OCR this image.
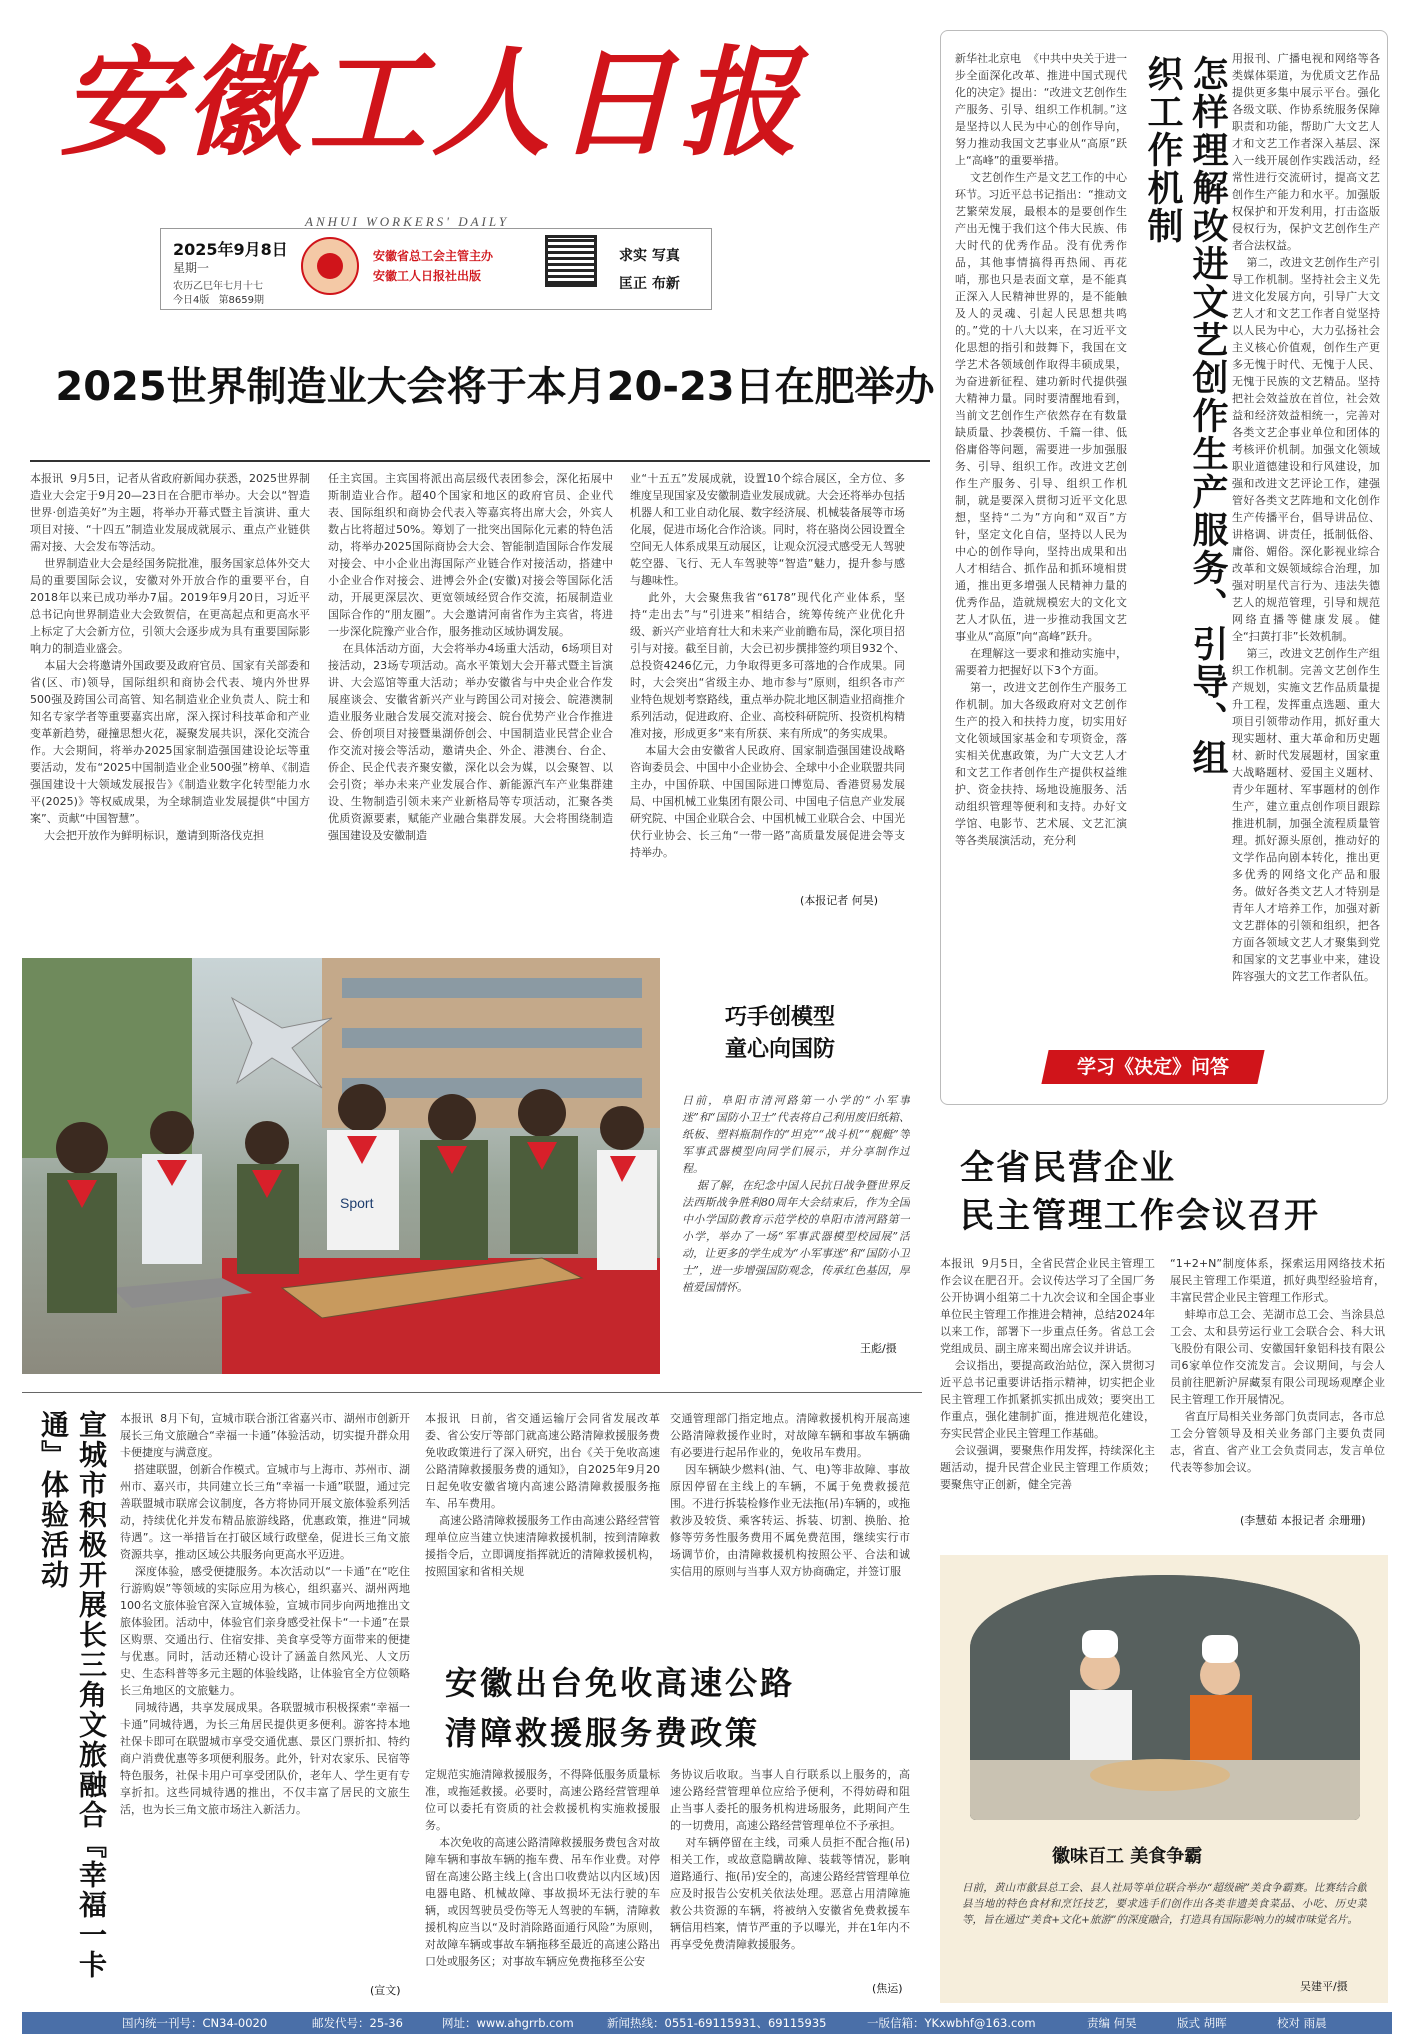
安徽工人日报
ANHUI WORKERS' DAILY
2025年9月8日
星期一
农历乙巳年七月十七
今日4版 第8659期
安徽省总工会主管主办
安徽工人日报社出版
求实 写真
匡正 布新
2025世界制造业大会将于本月20-23日在肥举办
本报讯  9月5日，记者从省政府新闻办获悉，2025世界制造业大会定于9月20—23日在合肥市举办。大会以“智造世界·创造美好”为主题，将举办开幕式暨主旨演讲、重大项目对接、“十四五”制造业发展成就展示、重点产业链供需对接、大会发布等活动。
世界制造业大会是经国务院批准，服务国家总体外交大局的重要国际会议，安徽对外开放合作的重要平台，自2018年以来已成功举办7届。2019年9月20日，习近平总书记向世界制造业大会致贺信，在更高起点和更高水平上标定了大会新方位，引领大会逐步成为具有重要国际影响力的制造业盛会。
本届大会将邀请外国政要及政府官员、国家有关部委和省(区、市)领导，国际组织和商协会代表、境内外世界500强及跨国公司高管、知名制造业企业负责人、院士和知名专家学者等重要嘉宾出席，深入探讨科技革命和产业变革新趋势，碰撞思想火花，凝聚发展共识，深化交流合作。大会期间，将举办2025国家制造强国建设论坛等重要活动，发布“2025中国制造业企业500强”榜单、《制造强国建设十大领域发展报告》《制造业数字化转型能力水平(2025)》等权威成果，为全球制造业发展提供“中国方案”、贡献“中国智慧”。
大会把开放作为鲜明标识，邀请到斯洛伐克担
任主宾国。主宾国将派出高层级代表团参会，深化拓展中斯制造业合作。超40个国家和地区的政府官员、企业代表、国际组织和商协会代表入等嘉宾将出席大会，外宾人数占比将超过50%。筹划了一批突出国际化元素的特色活动，将举办2025国际商协会大会、智能制造国际合作发展对接会、中小企业出海国际产业链合作对接活动，搭建中小企业合作对接会、进博会外企(安徽)对接会等国际化活动，开展更深层次、更宽领域经贸合作交流，拓展制造业国际合作的“朋友圈”。大会邀请河南省作为主宾省，将进一步深化院豫产业合作，服务推动区域协调发展。
在具体活动方面，大会将举办4场重大活动，6场项目对接活动，23场专项活动。高水平策划大会开幕式暨主旨演讲、大会巡馆等重大活动；举办安徽省与中央企业合作发展座谈会、安徽省新兴产业与跨国公司对接会、皖港澳制造业服务业融合发展交流对接会、皖台优势产业合作推进会、侨创项目对接暨巢湖侨创会、中国制造业民营企业合作交流对接会等活动，邀请央企、外企、港澳台、台企、侨企、民企代表齐聚安徽，深化以会为媒，以会聚智、以会引资；举办未来产业发展合作、新能源汽车产业集群建设、生物制造引领未来产业新格局等专项活动，汇聚各类优质资源要素，赋能产业融合集群发展。大会将围绕制造强国建设及安徽制造
业“十五五”发展成就，设置10个综合展区，全方位、多维度呈现国家及安徽制造业发展成就。大会还将举办包括机器人和工业自动化展、数字经济展、机械装备展等市场化展，促进市场化合作洽谈。同时，将在骆岗公园设置全空间无人体系成果互动展区，让观众沉浸式感受无人驾驶乾空器、飞行、无人车驾驶等“智造”魅力，提升参与感与趣味性。
此外，大会聚焦我省“6178”现代化产业体系，坚持“走出去”与“引进来”相结合，统筹传统产业优化升级、新兴产业培育壮大和未来产业前瞻布局，深化项目招引与对接。截至目前，大会已初步撰排签约项目932个、总投资4246亿元，力争取得更多可落地的合作成果。同时，大会突出“省级主办、地市参与”原则，组织各市产业特色规划考察路线，重点举办院北地区制造业招商推介系列活动，促进政府、企业、高校科研院所、投资机构精准对接，形成更多“来有所获、来有所成”的务实成果。
本届大会由安徽省人民政府、国家制造强国建设战略咨询委员会、中国中小企业协会、全球中小企业联盟共同主办，中国侨联、中国国际进口博览局、香港贸易发展局、中国机械工业集团有限公司、中国电子信息产业发展研究院、中国企业联合会、中国机械工业联合会、中国光伏行业协会、长三角“一带一路”高质量发展促进会等支持举办。
(本报记者 何昊)
新华社北京电  《中共中央关于进一步全面深化改革、推进中国式现代化的决定》提出：“改进文艺创作生产服务、引导、组织工作机制。”这是坚持以人民为中心的创作导向，努力推动我国文艺事业从“高原”跃上“高峰”的重要举措。
文艺创作生产是文艺工作的中心环节。习近平总书记指出：“推动文艺繁荣发展，最根本的是要创作生产出无愧于我们这个伟大民族、伟大时代的优秀作品。没有优秀作品，其他事情搞得再热闹、再花哨，那也只是表面文章，是不能真正深入人民精神世界的，是不能触及人的灵魂、引起人民思想共鸣的。”党的十八大以来，在习近平文化思想的指引和鼓舞下，我国在文学艺术各领域创作取得丰硕成果，为奋进新征程、建功新时代提供强大精神力量。同时要清醒地看到，当前文艺创作生产依然存在有数量缺质量、抄袭模仿、千篇一律、低俗庸俗等问题，需要进一步加强服务、引导、组织工作。改进文艺创作生产服务、引导、组织工作机制，就是要深入贯彻习近平文化思想，坚持“二为”方向和“双百”方针，坚定文化自信，坚持以人民为中心的创作导向，坚持出成果和出人才相结合、抓作品和抓环境相贯通，推出更多增强人民精神力量的优秀作品，造就规模宏大的文化文艺人才队伍，进一步推动我国文艺事业从“高原”向“高峰”跃升。
在理解这一要求和推动实施中，需要着力把握好以下3个方面。
第一，改进文艺创作生产服务工作机制。加大各级政府对文艺创作生产的投入和扶持力度，切实用好文化领域国家基金和专项资金，落实相关优惠政策，为广大文艺人才和文艺工作者创作生产提供权益维护、资金扶持、场地设施服务、活动组织管理等便利和支持。办好文学馆、电影节、艺术展、文艺汇演等各类展演活动，充分利
怎样理解改进文艺创作生产服务、引导、组织工作机制	用报刊、广播电视和网络等各类媒体渠道，为优质文艺作品提供更多集中展示平台。强化各级文联、作协系统服务保障职责和功能，帮助广大文艺人才和文艺工作者深入基层、深入一线开展创作实践活动，经常性进行交流研讨，提高文艺创作生产能力和水平。加强版权保护和开发利用，打击盗版侵权行为，保护文艺创作生产者合法权益。
第二，改进文艺创作生产引导工作机制。坚持社会主义先进文化发展方向，引导广大文艺人才和文艺工作者自觉坚持以人民为中心，大力弘扬社会主义核心价值观，创作生产更多无愧于时代、无愧于人民、无愧于民族的文艺精品。坚持把社会效益放在首位，社会效益和经济效益相统一，完善对各类文艺企事业单位和团体的考核评价机制。加强文化领域职业道德建设和行风建设，加强和改进文艺评论工作，建强管好各类文艺阵地和文化创作生产传播平台，倡导讲品位、讲格调、讲责任，抵制低俗、庸俗、媚俗。深化影视业综合改革和文娱领域综合治理，加强对明星代言行为、违法失德艺人的规范管理，引导和规范网络直播等健康发展。健全“扫黄打非”长效机制。
第三，改进文艺创作生产组织工作机制。完善文艺创作生产规划，实施文艺作品质量提升工程，发挥重点选题、重大项目引领带动作用，抓好重大现实题材、重大革命和历史题材、新时代发展题材，国家重大战略题材、爱国主义题材、青少年题材、军事题材的创作生产，建立重点创作项目跟踪推进机制，加强全流程质量管理。抓好源头原创，推动好的文学作品向剧本转化，推出更多优秀的网络文化产品和服务。做好各类文艺人才特别是青年人才培养工作，加强对新文艺群体的引领和组织，把各方面各领域文艺人才聚集到党和国家的文艺事业中来，建设阵容强大的文艺工作者队伍。
学习《决定》问答
Sport
巧手创模型
童心向国防
日前，阜阳市清河路第一小学的“小军事迷”和“国防小卫士”代表将自己利用废旧纸箱、纸板、塑料瓶制作的“坦克”“战斗机”“舰艇”等军事武器模型向同学们展示，并分享制作过程。
据了解，在纪念中国人民抗日战争暨世界反法西斯战争胜利80周年大会结束后，作为全国中小学国防教育示范学校的阜阳市清河路第一小学，举办了一场“军事武器模型校园展”活动，让更多的学生成为“小军事迷”和“国防小卫士”，进一步增强国防观念，传承红色基因，厚植爱国情怀。
王彪/摄
全省民营企业
民主管理工作会议召开
本报讯  9月5日，全省民营企业民主管理工作会议在肥召开。会议传达学习了全国厂务公开协调小组第二十九次会议和全国企事业单位民主管理工作推进会精神，总结2024年以来工作，部署下一步重点任务。省总工会党组成员、副主席来蜀出席会议并讲话。
会议指出，要提高政治站位，深入贯彻习近平总书记重要讲话指示精神，切实把企业民主管理工作抓紧抓实抓出成效；要突出工作重点，强化建制扩面，推进规范化建设，夯实民营企业民主管理工作基础。
会议强调，要聚焦作用发挥，持续深化主题活动，提升民营企业民主管理工作质效；要聚焦守正创新，健全完善
“1+2+N”制度体系，探索运用网络技术拓展民主管理工作渠道，抓好典型经验培育，丰富民营企业民主管理工作形式。
蚌埠市总工会、芜湖市总工会、当涂县总工会、太和县劳运行业工会联合会、科大讯飞股份有限公司、安徽国轩象铝科技有限公司6家单位作交流发言。会议期间，与会人员前往肥新沪屏藏泵有限公司现场观摩企业民主管理工作开展情况。
省直厅局相关业务部门负责同志，各市总工会分管领导及相关业务部门主要负责同志，省直、省产业工会负责同志，发言单位代表等参加会议。
(李慧茹 本报记者 余珊珊)
宣城市积极开展长三角文旅融合『幸福一卡通』体验活动	本报讯  8月下旬，宣城市联合浙江省嘉兴市、湖州市创新开展长三角文旅融合“幸福一卡通”体验活动，切实提升群众用卡便捷度与满意度。
搭建联盟，创新合作模式。宣城市与上海市、苏州市、湖州市、嘉兴市，共同建立长三角“幸福一卡通”联盟，通过完善联盟城市联席会议制度，各方将协同开展文旅体验系列活动，持续优化并发布精品旅游线路，优惠政策，推进“同城待遇”。这一举措旨在打破区域行政壁垒，促进长三角文旅资源共享，推动区域公共服务向更高水平迈进。
深度体验，感受便捷服务。本次活动以“一卡通”在“吃住行游购娱”等领域的实际应用为核心，组织嘉兴、湖州两地100名文旅体验官深入宣城体验，宣城市同步向两地推出文旅体验团。活动中，体验官们亲身感受社保卡“一卡通”在景区购票、交通出行、住宿安排、美食享受等方面带来的便捷与优惠。同时，活动还精心设计了涵盖自然风光、人文历史、生态科普等多元主题的体验线路，让体验官全方位领略长三角地区的文旅魅力。
同城待遇，共享发展成果。各联盟城市积极探索“幸福一卡通”同城待遇，为长三角居民提供更多便利。游客持本地社保卡即可在联盟城市享受交通优惠、景区门票折扣、特约商户消费优惠等多项便利服务。此外，针对农家乐、民宿等特色服务，社保卡用户可享受团队价，老年人、学生更有专享折扣。这些同城待遇的推出，不仅丰富了居民的文旅生活，也为长三角文旅市场注入新活力。
(宣文)
本报讯  日前，省交通运输厅会同省发展改革委、省公安厅等部门就高速公路清障救援服务费免收政策进行了深入研究，出台《关于免收高速公路清障救援服务费的通知》，自2025年9月20日起免收安徽省境内高速公路清障救援服务拖车、吊车费用。
高速公路清障救援服务工作由高速公路经营管理单位应当建立快速清障救援机制，按到清障救援指令后，立即调度指挥就近的清障救援机构，按照国家和省相关规
交通管理部门指定地点。清障救援机构开展高速公路清障救援作业时，对故障车辆和事故车辆确有必要进行起吊作业的，免收吊车费用。
因车辆缺少燃料(油、气、电)等非故障、事故原因停留在主线上的车辆，不属于免费救援范围。不进行拆装检修作业无法拖(吊)车辆的，或拖救涉及较货、乘客转运、拆装、切割、换胎、抢修等劳务性服务费用不属免费范围，继续实行市场调节价，由清障救援机构按照公平、合法和诚实信用的原则与当事人双方协商确定，并签订服
安徽出台免收高速公路
清障救援服务费政策
定规范实施清障救援服务，不得降低服务质量标准，或拖延救援。必要时，高速公路经营管理单位可以委托有资质的社会救援机构实施救援服务。
本次免收的高速公路清障救援服务费包含对故障车辆和事故车辆的拖车费、吊车作业费。对停留在高速公路主线上(含出口收费站以内区域)因电器电路、机械故障、事故损坏无法行驶的车辆，或因驾驶员受伤等无人驾驶的车辆，清障救援机构应当以“及时消除路面通行风险”为原则，对故障车辆或事故车辆拖移至最近的高速公路出口处或服务区；对事故车辆应免费拖移至公安
务协议后收取。当事人自行联系以上服务的，高速公路经营管理单位应给予便利，不得妨碍和阻止当事人委托的服务机构进场服务，此期间产生的一切费用，高速公路经营管理单位不予承担。
对车辆停留在主线，司乘人员拒不配合拖(吊)相关工作，或故意隐瞒故障、装载等情况，影响道路通行、拖(吊)安全的，高速公路经营管理单位应及时报告公安机关依法处理。恶意占用清障施救公共资源的车辆，将被纳入安徽省免费救援车辆信用档案，情节严重的予以曝光，并在1年内不再享受免费清障救援服务。
(焦运)
徽味百工 美食争霸
日前，黄山市歙县总工会、县人社局等单位联合举办“超级碗”美食争霸赛。比赛结合歙县当地的特色食材和烹饪技艺，要求选手们创作出各类非遗美食菜品、小吃、历史菜等，旨在通过“美食+文化+旅游”的深度融合，打造具有国际影响力的城市味觉名片。
吴建平/摄
国内统一刊号：CN34-0020	邮发代号：25-36	网址：www.ahgrrb.com	新闻热线：0551-69115931、69115935	一版信箱：YKxwbhf@163.com	责编 何昊	版式 胡晖	校对 雨晨
